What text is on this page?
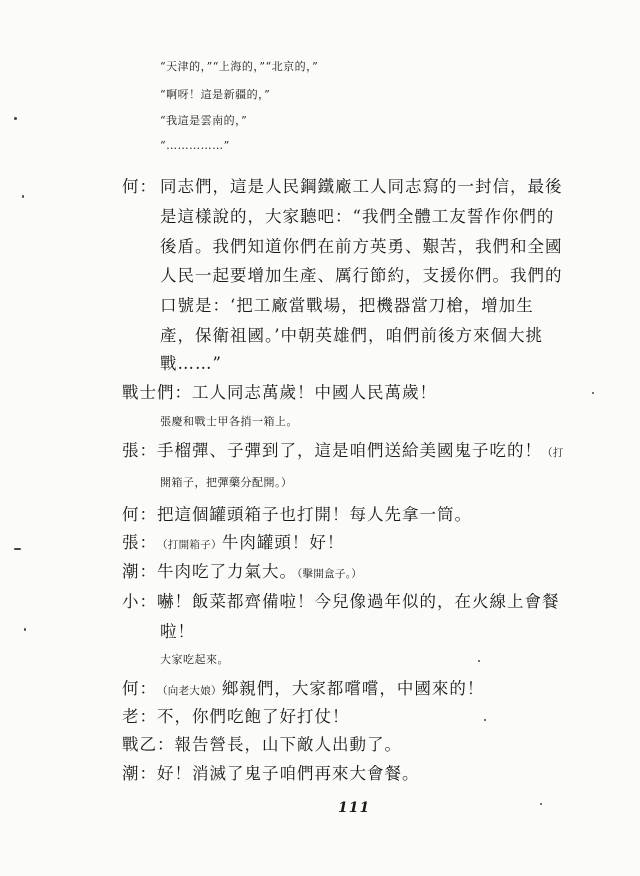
“天津的，”“上海的，”“北京的，”
“啊呀！這是新疆的，”
“我這是雲南的，”
“……………”
何： 同志們，這是人民鋼鐵廠工人同志寫的一封信，最後
是這樣說的，大家聽吧：“我們全體工友誓作你們的
後盾。我們知道你們在前方英勇、艱苦，我們和全國
人民一起要增加生產、厲行節約，支援你們。我們的
口號是：‘把工廠當戰場，把機器當刀槍，增加生
產，保衛祖國。’中朝英雄們，咱們前後方來個大挑
戰……”
戰士們：工人同志萬歲！中國人民萬歲！
張慶和戰士甲各捎一箱上。
張：手榴彈、子彈到了，這是咱們送給美國鬼子吃的！（打
開箱子，把彈藥分配開。）
何：把這個罐頭箱子也打開！每人先拿一筒。
張：（打開箱子）牛肉罐頭！好！
潮：牛肉吃了力氣大。（擊開盒子。）
小：嚇！飯菜都齊備啦！今兒像過年似的，在火線上會餐
啦！
大家吃起來。
何：（向老大娘）鄉親們，大家都嚐嚐，中國來的！
老：不，你們吃飽了好打仗！
戰乙：報告營長，山下敵人出動了。
潮：好！消滅了鬼子咱們再來大會餐。
111
